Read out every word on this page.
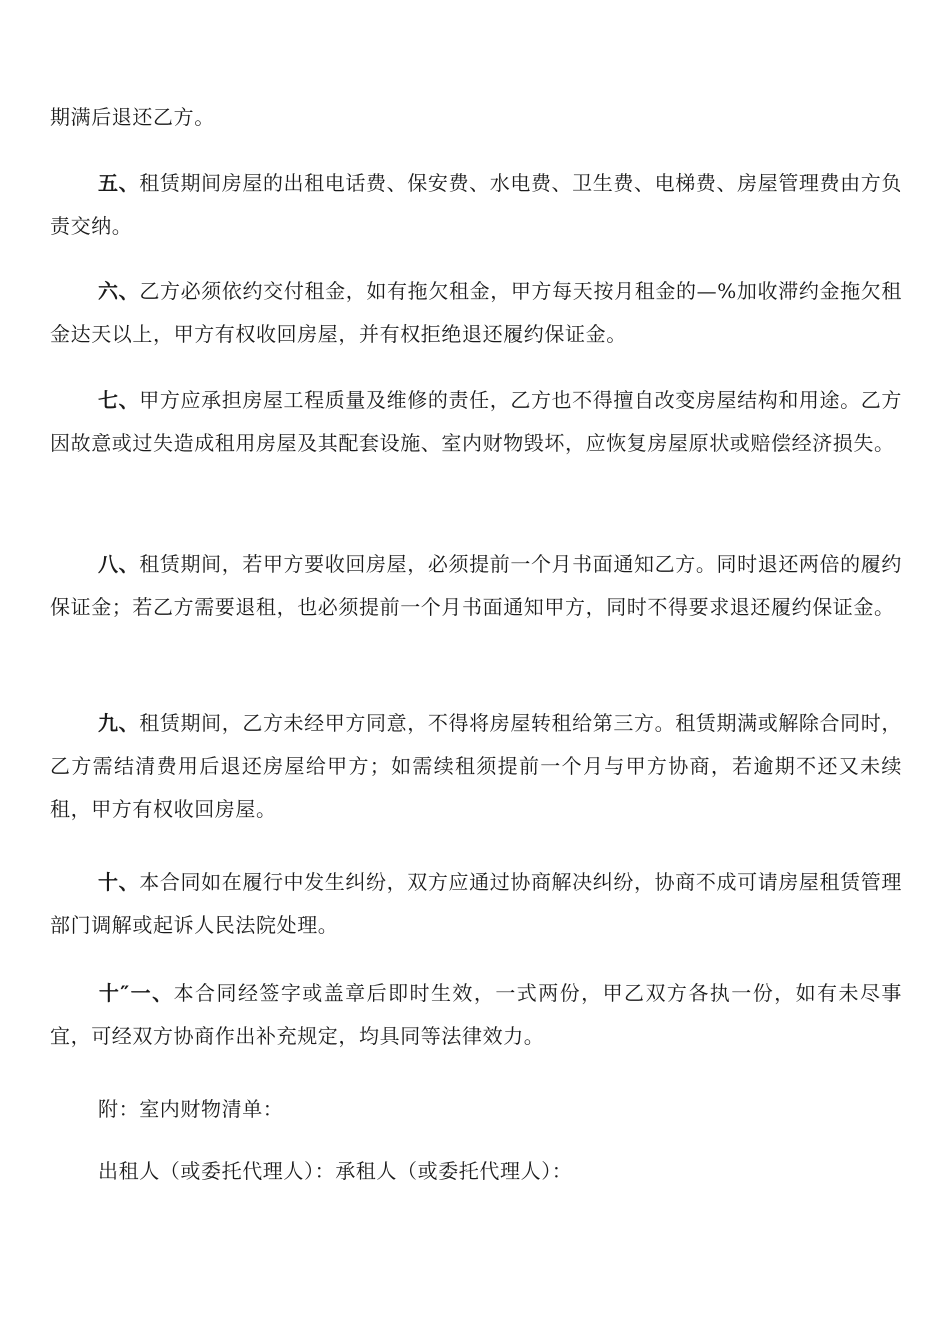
期满后退还乙方。

五、租赁期间房屋的出租电话费、保安费、水电费、卫生费、电梯费、房屋管理费由方负责交纳。

六、乙方必须依约交付租金，如有拖欠租金，甲方每天按月租金的—%加收滞约金拖欠租金达天以上，甲方有权收回房屋，并有权拒绝退还履约保证金。

七、甲方应承担房屋工程质量及维修的责任，乙方也不得擅自改变房屋结构和用途。乙方因故意或过失造成租用房屋及其配套设施、室内财物毁坏，应恢复房屋原状或赔偿经济损失。

八、租赁期间，若甲方要收回房屋，必须提前一个月书面通知乙方。同时退还两倍的履约保证金；若乙方需要退租，也必须提前一个月书面通知甲方，同时不得要求退还履约保证金。

九、租赁期间，乙方未经甲方同意，不得将房屋转租给第三方。租赁期满或解除合同时，乙方需结清费用后退还房屋给甲方；如需续租须提前一个月与甲方协商，若逾期不还又未续租，甲方有权收回房屋。

十、本合同如在履行中发生纠纷，双方应通过协商解决纠纷，协商不成可请房屋租赁管理部门调解或起诉人民法院处理。

十″一、本合同经签字或盖章后即时生效，一式两份，甲乙双方各执一份，如有未尽事宜，可经双方协商作出补充规定，均具同等法律效力。

附：室内财物清单：

出租人（或委托代理人）：承租人（或委托代理人）：
